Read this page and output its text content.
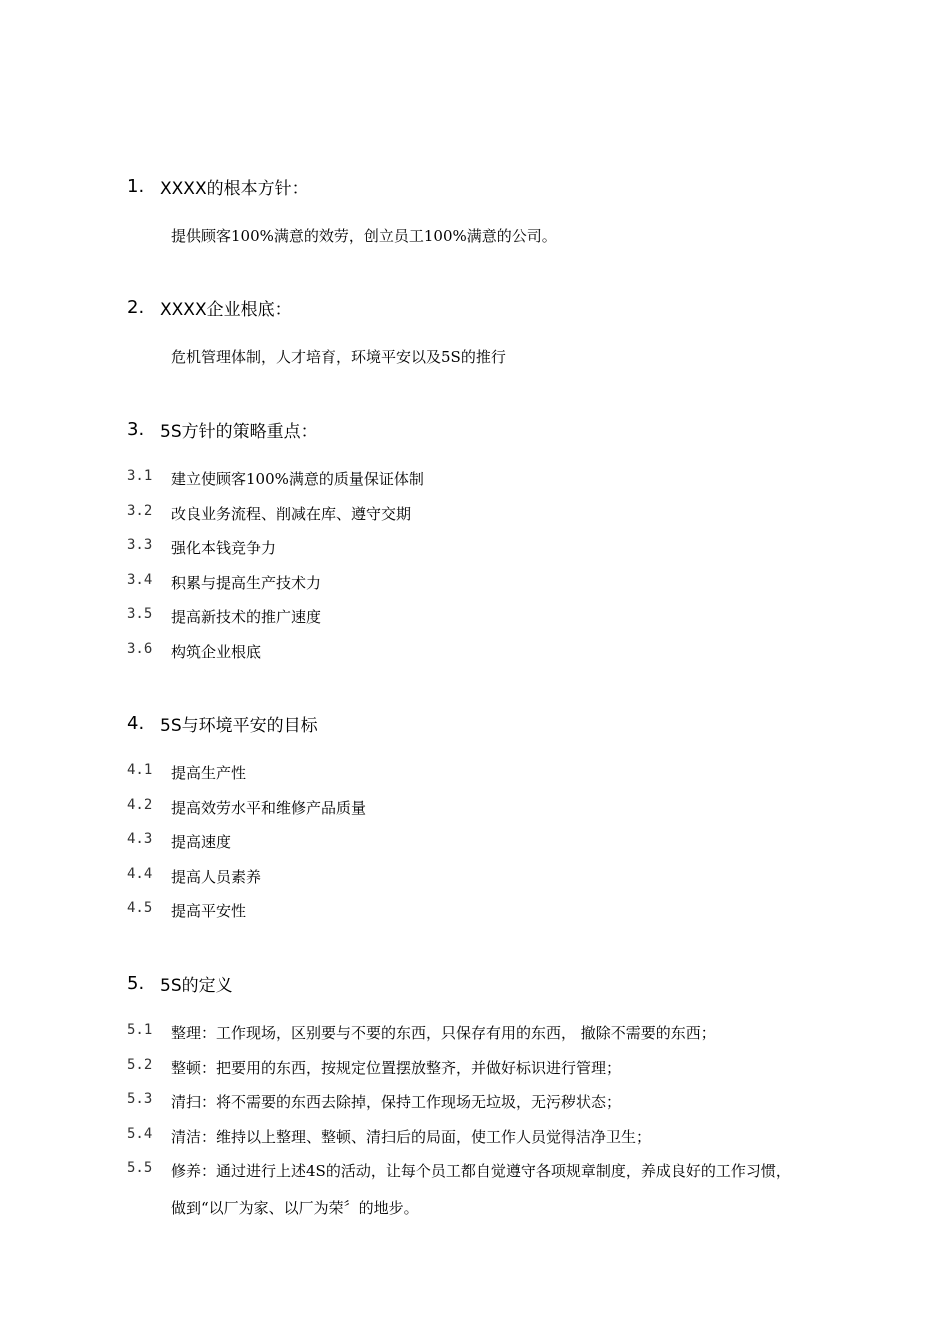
1. XXXX的根本方针：
提供顾客100%满意的效劳，创立员工100%满意的公司。
2. XXXX企业根底：
危机管理体制，人才培育，环境平安以及5S的推行
3. 5S方针的策略重点：
3.1	建立使顾客100%满意的质量保证体制
3.2	改良业务流程、削减在库、遵守交期
3.3	强化本钱竞争力
3.4	积累与提高生产技术力
3.5	提高新技术的推广速度
3.6	构筑企业根底
4. 5S与环境平安的目标
4.1	提高生产性
4.2	提高效劳水平和维修产品质量
4.3	提高速度
4.4	提高人员素养
4.5	提高平安性
5. 5S的定义
5.1	整理：工作现场，区别要与不要的东西，只保存有用的东西， 撤除不需要的东西；
5.2	整顿：把要用的东西，按规定位置摆放整齐，并做好标识进行管理；
5.3	清扫：将不需要的东西去除掉，保持工作现场无垃圾，无污秽状态；
5.4	清洁：维持以上整理、整顿、清扫后的局面，使工作人员觉得洁净卫生；
5.5	修养：通过进行上述4S的活动，让每个员工都自觉遵守各项规章制度，养成良好的工作习惯，
做到“以厂为家、以厂为荣〞的地步。
